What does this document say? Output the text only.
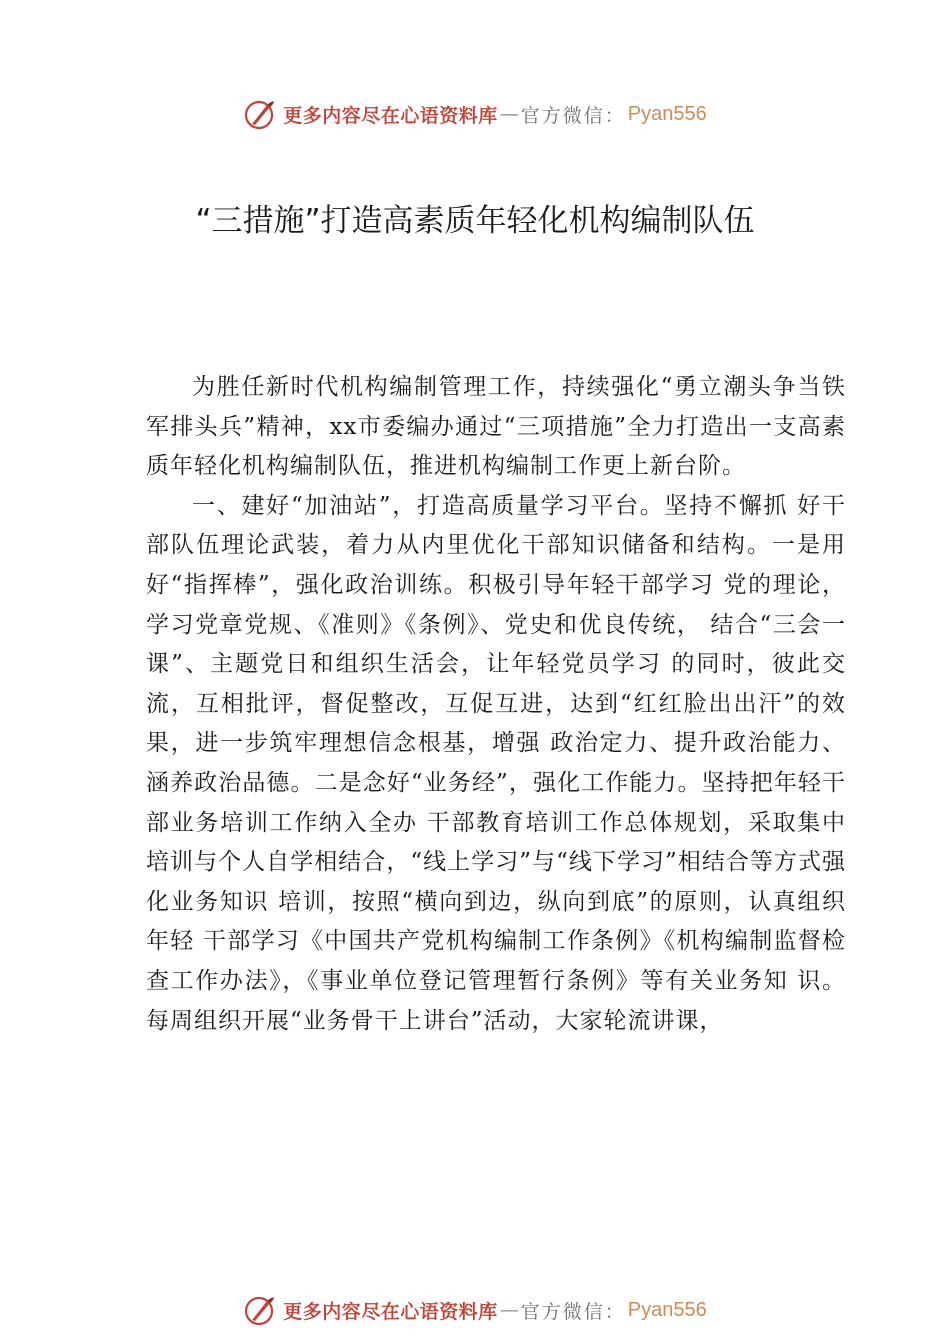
更多内容尽在心语资料库 — 官方微信： Pyan556
“三措施”打造高素质年轻化机构编制队伍

为胜任新时代机构编制管理工作，持续强化“勇立潮头争当铁军排头兵”精神，xx市委编办通过“三项措施”全力打造出一支高素质年轻化机构编制队伍，推进机构编制工作更上新台阶。

一、建好“加油站”，打造高质量学习平台。坚持不懈抓 好干部队伍理论武装，着力从内里优化干部知识储备和结构。一是用好“指挥棒”，强化政治训练。积极引导年轻干部学习 党的理论，学习党章党规、《准则》《条例》、党史和优良传统， 结合“三会一课”、主题党日和组织生活会，让年轻党员学习 的同时，彼此交流，互相批评，督促整改，互促互进，达到“红红脸出出汗”的效果，进一步筑牢理想信念根基，增强 政治定力、提升政治能力、涵养政治品德。二是念好“业务经”，强化工作能力。坚持把年轻干部业务培训工作纳入全办 干部教育培训工作总体规划，采取集中培训与个人自学相结合，“线上学习”与“线下学习”相结合等方式强化业务知识 培训，按照“横向到边，纵向到底”的原则，认真组织年轻 干部学习《中国共产党机构编制工作条例》《机构编制监督检 查工作办法》，《事业单位登记管理暂行条例》等有关业务知 识。每周组织开展“业务骨干上讲台”活动，大家轮流讲课，

更多内容尽在心语资料库 — 官方微信： Pyan556
